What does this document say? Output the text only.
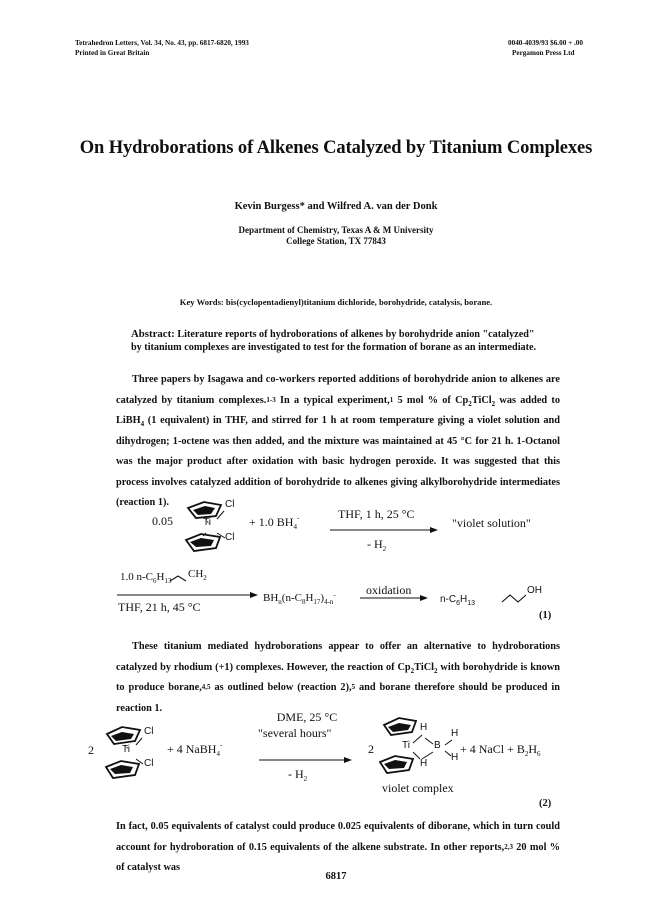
Tetrahedron Letters, Vol. 34, No. 43, pp. 6817-6820, 1993
Printed in Great Britain
0040-4039/93 $6.00 + .00
Pergamon Press Ltd
On Hydroborations of Alkenes Catalyzed by Titanium Complexes
Kevin Burgess* and Wilfred A. van der Donk
Department of Chemistry, Texas A & M University
College Station, TX 77843
Key Words: bis(cyclopentadienyl)titanium dichloride, borohydride, catalysis, borane.
Abstract: Literature reports of hydroborations of alkenes by borohydride anion "catalyzed" by titanium complexes are investigated to test for the formation of borane as an intermediate.
Three papers by Isagawa and co-workers reported additions of borohydride anion to alkenes are catalyzed by titanium complexes.$^{1-3}$ In a typical experiment,$^1$ 5 mol % of $Cp_2TiCl_2$ was added to LiBH$_4$ (1 equivalent) in THF, and stirred for 1 h at room temperature giving a violet solution and dihydrogen; 1-octene was then added, and the mixture was maintained at 45 °C for 21 h. 1-Octanol was the major product after oxidation with basic hydrogen peroxide. It was suggested that this process involves catalyzed addition of borohydride to alkenes giving alkylborohydride intermediates (reaction 1).
0.05	Ti
Cl
Cl
+ 1.0 $BH_4^-$	THF, 1 h, 25 °C
- $H_2$
"violet solution"
1.0 $n-C_6H_{13}$
$CH_2$
THF, 21 h, 45 °C
$BH_n(n-C_8H_{17})_{4-n}^-$	oxidation
$n-C_6H_{13}$
OH
(1)
These titanium mediated hydroborations appear to offer an alternative to hydroborations catalyzed by rhodium (+1) complexes. However, the reaction of $Cp_2TiCl_2$ with borohydride is known to produce borane,$^{4,5}$ as outlined below (reaction 2),$^5$ and borane therefore should be produced in reaction 1.
2	Ti
Cl
Cl
+ 4 NaBH$_4$-
DME, 25 °C
"several hours"
- $H_2$
2	Ti B
H
H
H
H
+ 4 NaCl + $B_2H_6$
violet complex
(2)
In fact, 0.05 equivalents of catalyst could produce 0.025 equivalents of diborane, which in turn could account for hydroboration of 0.15 equivalents of the alkene substrate. In other reports,$^{2,3}$ 20 mol % of catalyst was
6817
